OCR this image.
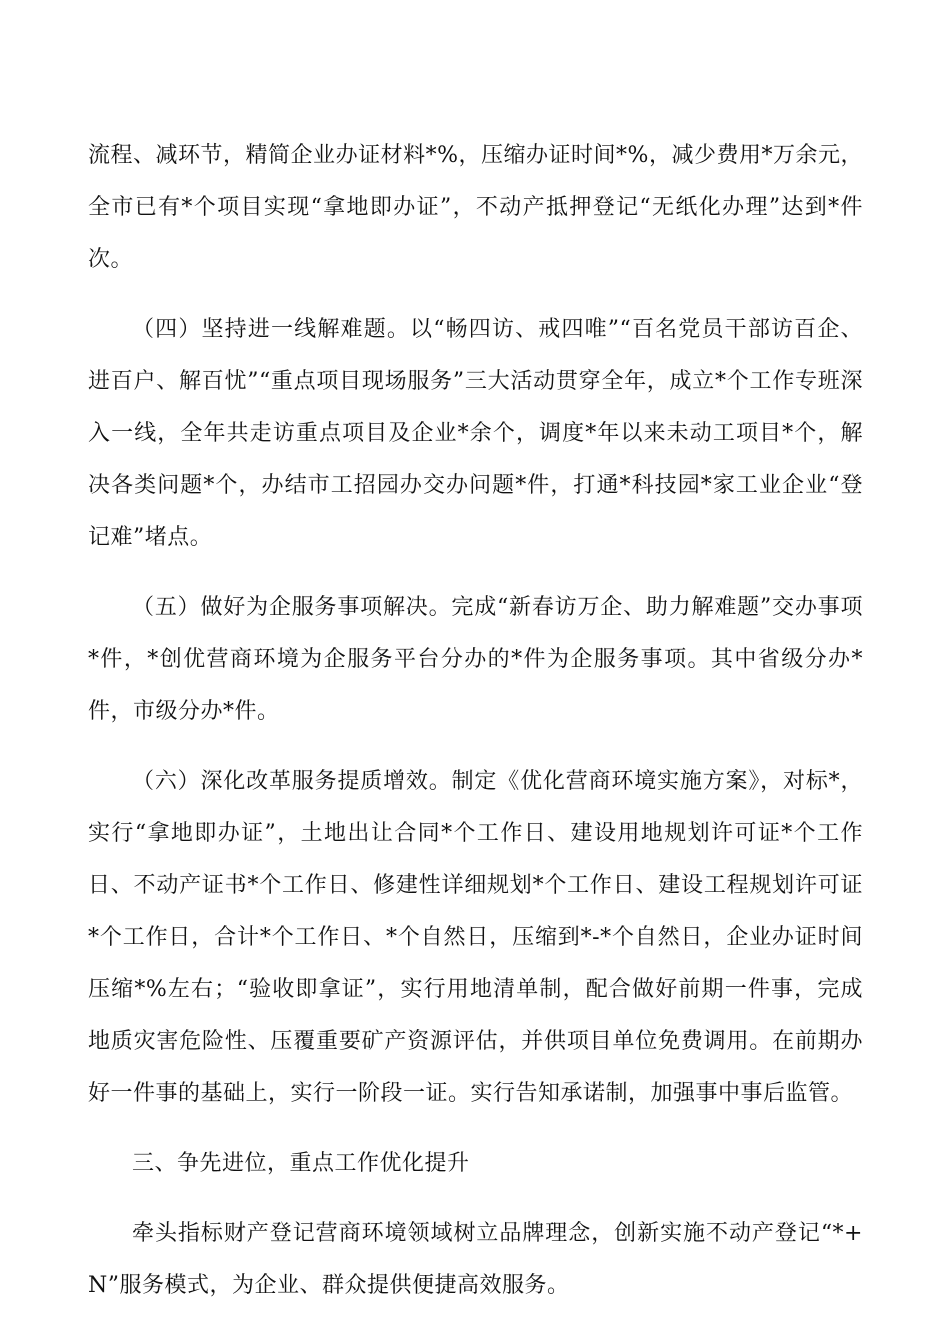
流程、减环节，精简企业办证材料*%，压缩办证时间*%，减少费用*万余元，全市已有*个项目实现“拿地即办证”，不动产抵押登记“无纸化办理”达到*件次。

（四）坚持进一线解难题。以“畅四访、戒四唯”“百名党员干部访百企、进百户、解百忧”“重点项目现场服务”三大活动贯穿全年，成立*个工作专班深入一线，全年共走访重点项目及企业*余个，调度*年以来未动工项目*个，解决各类问题*个，办结市工招园办交办问题*件，打通*科技园*家工业企业“登记难”堵点。

（五）做好为企服务事项解决。完成“新春访万企、助力解难题”交办事项*件，*创优营商环境为企服务平台分办的*件为企服务事项。其中省级分办*件，市级分办*件。

（六）深化改革服务提质增效。制定《优化营商环境实施方案》，对标*，实行“拿地即办证”，土地出让合同*个工作日、建设用地规划许可证*个工作日、不动产证书*个工作日、修建性详细规划*个工作日、建设工程规划许可证*个工作日，合计*个工作日、*个自然日，压缩到*-*个自然日，企业办证时间压缩*%左右；“验收即拿证”，实行用地清单制，配合做好前期一件事，完成地质灾害危险性、压覆重要矿产资源评估，并供项目单位免费调用。在前期办好一件事的基础上，实行一阶段一证。实行告知承诺制，加强事中事后监管。

三、争先进位，重点工作优化提升

牵头指标财产登记营商环境领域树立品牌理念，创新实施不动产登记“*+N”服务模式，为企业、群众提供便捷高效服务。
